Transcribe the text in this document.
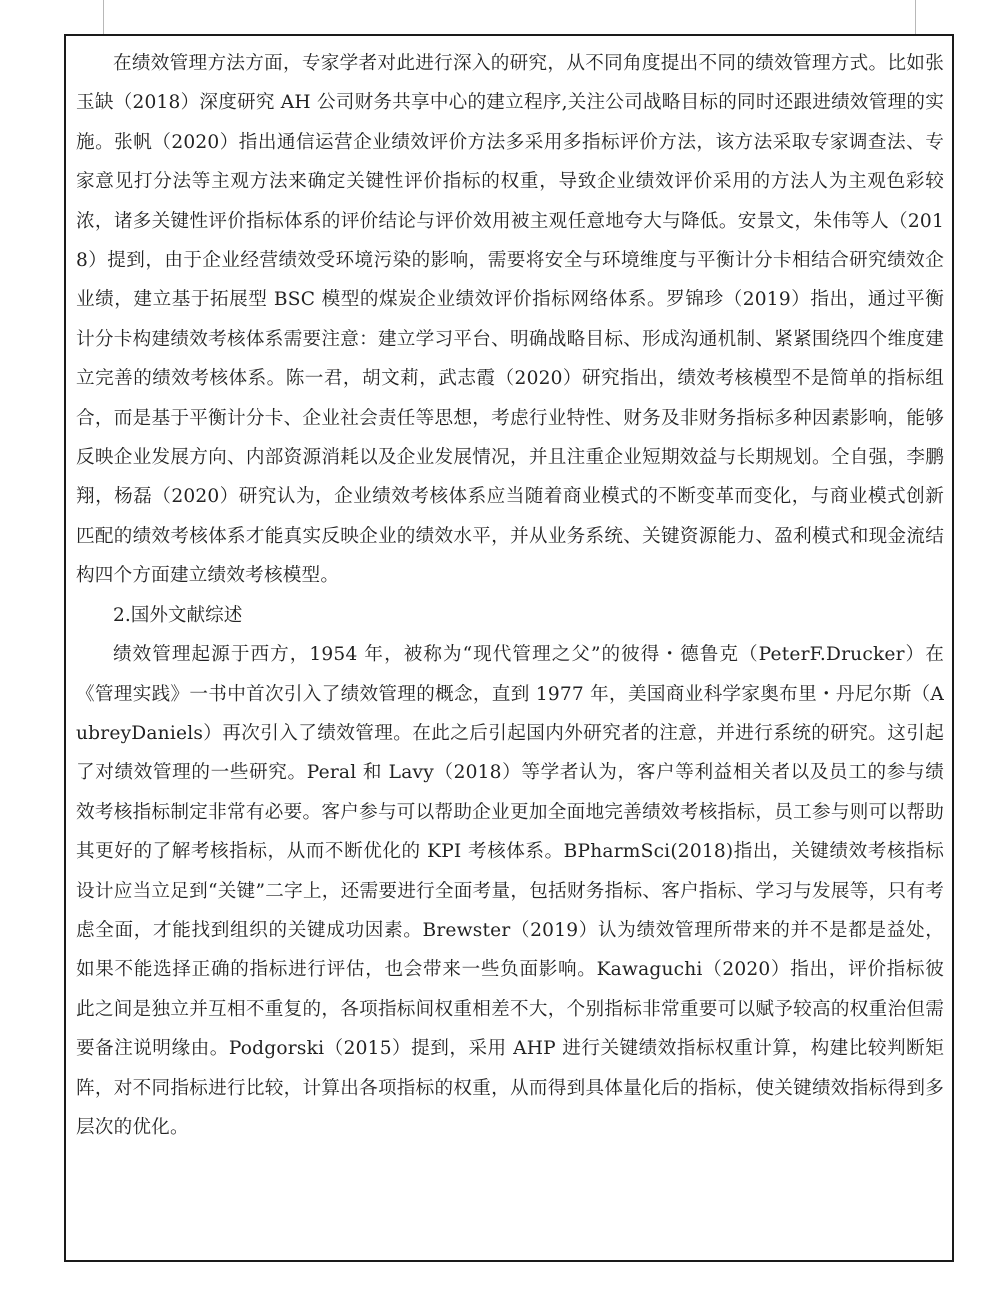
在绩效管理方法方面，专家学者对此进行深入的研究，从不同角度提出不同的绩效管理方式。比如张玉缺（2018）深度研究 AH 公司财务共享中心的建立程序,关注公司战略目标的同时还跟进绩效管理的实施。张帆（2020）指出通信运营企业绩效评价方法多采用多指标评价方法，该方法采取专家调查法、专家意见打分法等主观方法来确定关键性评价指标的权重，导致企业绩效评价采用的方法人为主观色彩较浓，诸多关键性评价指标体系的评价结论与评价效用被主观任意地夸大与降低。安景文，朱伟等人（2018）提到，由于企业经营绩效受环境污染的影响，需要将安全与环境维度与平衡计分卡相结合研究绩效企业绩，建立基于拓展型 BSC 模型的煤炭企业绩效评价指标网络体系。罗锦珍（2019）指出，通过平衡计分卡构建绩效考核体系需要注意：建立学习平台、明确战略目标、形成沟通机制、紧紧围绕四个维度建立完善的绩效考核体系。陈一君，胡文莉，武志霞（2020）研究指出，绩效考核模型不是简单的指标组合，而是基于平衡计分卡、企业社会责任等思想，考虑行业特性、财务及非财务指标多种因素影响，能够反映企业发展方向、内部资源消耗以及企业发展情况，并且注重企业短期效益与长期规划。仝自强，李鹏翔，杨磊（2020）研究认为，企业绩效考核体系应当随着商业模式的不断变革而变化，与商业模式创新匹配的绩效考核体系才能真实反映企业的绩效水平，并从业务系统、关键资源能力、盈利模式和现金流结构四个方面建立绩效考核模型。

2.国外文献综述

绩效管理起源于西方，1954 年，被称为“现代管理之父”的彼得・德鲁克（PeterF.Drucker）在《管理实践》一书中首次引入了绩效管理的概念，直到 1977 年，美国商业科学家奥布里・丹尼尔斯（AubreyDaniels）再次引入了绩效管理。在此之后引起国内外研究者的注意，并进行系统的研究。这引起了对绩效管理的一些研究。Peral 和 Lavy（2018）等学者认为，客户等利益相关者以及员工的参与绩效考核指标制定非常有必要。客户参与可以帮助企业更加全面地完善绩效考核指标，员工参与则可以帮助其更好的了解考核指标，从而不断优化的 KPI 考核体系。BPharmSci(2018)指出，关键绩效考核指标设计应当立足到“关键”二字上，还需要进行全面考量，包括财务指标、客户指标、学习与发展等，只有考虑全面，才能找到组织的关键成功因素。Brewster（2019）认为绩效管理所带来的并不是都是益处，如果不能选择正确的指标进行评估，也会带来一些负面影响。Kawaguchi（2020）指出，评价指标彼此之间是独立并互相不重复的，各项指标间权重相差不大，个别指标非常重要可以赋予较高的权重治但需要备注说明缘由。Podgorski（2015）提到，采用 AHP 进行关键绩效指标权重计算，构建比较判断矩阵，对不同指标进行比较，计算出各项指标的权重，从而得到具体量化后的指标，使关键绩效指标得到多层次的优化。
